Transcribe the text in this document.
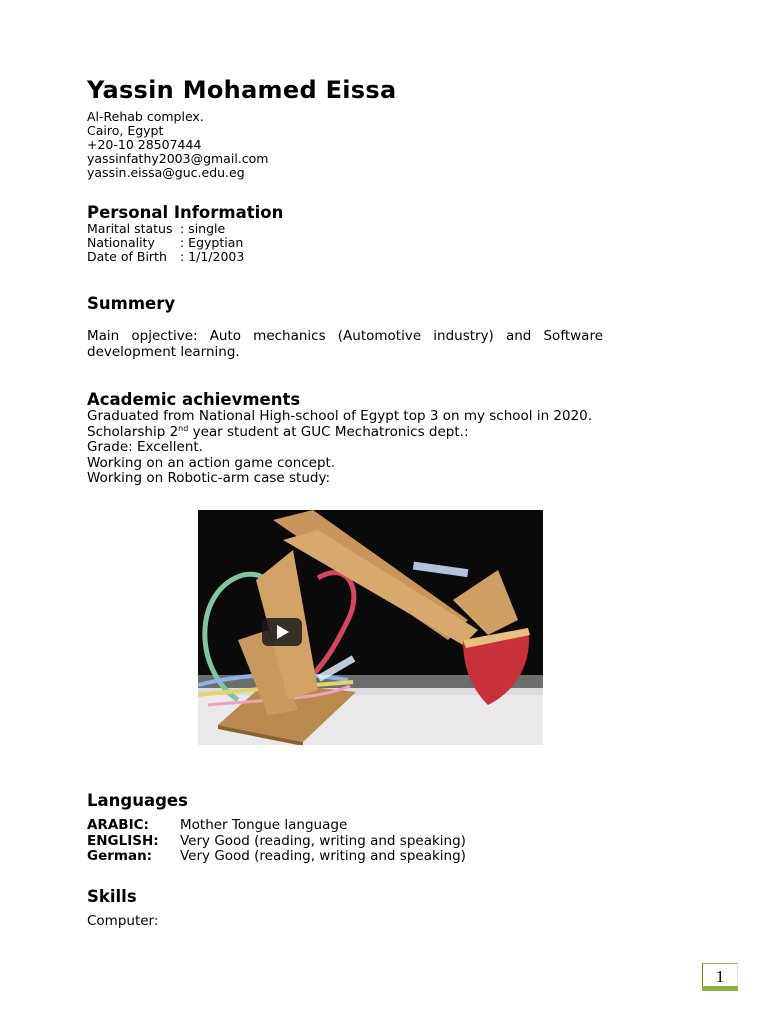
Yassin Mohamed Eissa
Al-Rehab complex.
Cairo, Egypt
+20-10 28507444
yassinfathy2003@gmail.com
yassin.eissa@guc.edu.eg
Personal Information
Marital status : single
Nationality	: Egyptian
Date of Birth	: 1/1/2003
Summery
Main opjective: Auto mechanics (Automotive industry) and Software development learning.
Academic achievments
Graduated from National High-school of Egypt top 3 on my school in 2020.
Scholarship 2nd year student at GUC Mechatronics dept.:
Grade: Excellent.
Working on an action game concept.
Working on Robotic-arm case study:
Languages
ARABIC:	Mother Tongue language
ENGLISH:	Very Good (reading, writing and speaking)
German:	Very Good (reading, writing and speaking)
Skills
Computer:
1
